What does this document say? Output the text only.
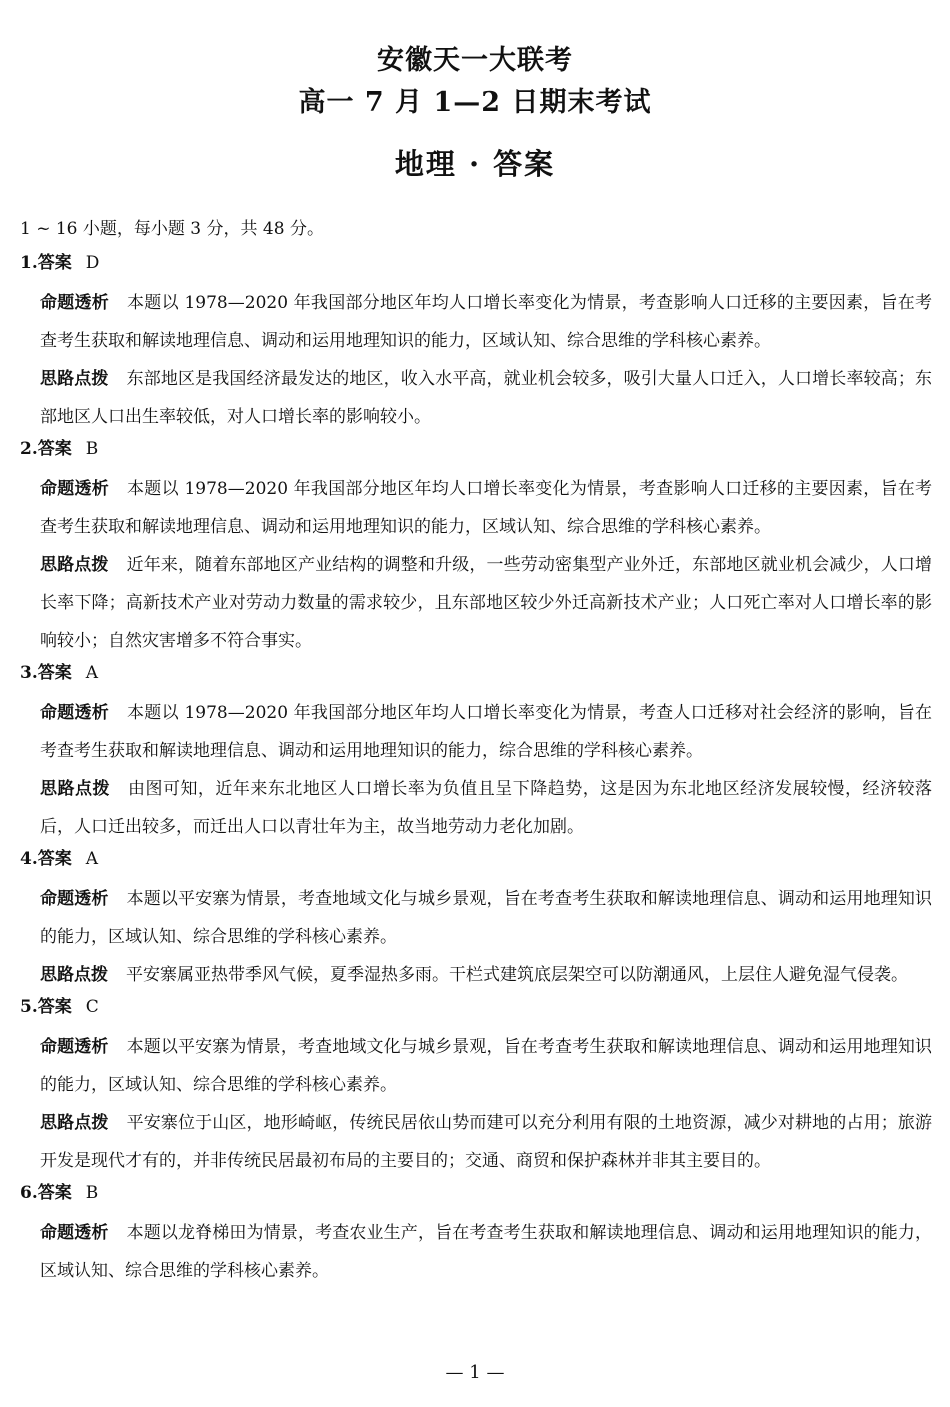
安徽天一大联考
高一 7 月 1—2 日期末考试
地理 · 答案
1 ~ 16 小题，每小题 3 分，共 48 分。
1.答案 D

命题透析 本题以 1978—2020 年我国部分地区年均人口增长率变化为情景，考查影响人口迁移的主要因素，旨在考查考生获取和解读地理信息、调动和运用地理知识的能力，区域认知、综合思维的学科核心素养。

思路点拨 东部地区是我国经济最发达的地区，收入水平高，就业机会较多，吸引大量人口迁入，人口增长率较高；东部地区人口出生率较低，对人口增长率的影响较小。

2.答案 B

命题透析 本题以 1978—2020 年我国部分地区年均人口增长率变化为情景，考查影响人口迁移的主要因素，旨在考查考生获取和解读地理信息、调动和运用地理知识的能力，区域认知、综合思维的学科核心素养。

思路点拨 近年来，随着东部地区产业结构的调整和升级，一些劳动密集型产业外迁，东部地区就业机会减少，人口增长率下降；高新技术产业对劳动力数量的需求较少，且东部地区较少外迁高新技术产业；人口死亡率对人口增长率的影响较小；自然灾害增多不符合事实。

3.答案 A

命题透析 本题以 1978—2020 年我国部分地区年均人口增长率变化为情景，考查人口迁移对社会经济的影响，旨在考查考生获取和解读地理信息、调动和运用地理知识的能力，综合思维的学科核心素养。

思路点拨 由图可知，近年来东北地区人口增长率为负值且呈下降趋势，这是因为东北地区经济发展较慢，经济较落后，人口迁出较多，而迁出人口以青壮年为主，故当地劳动力老化加剧。

4.答案 A

命题透析 本题以平安寨为情景，考查地域文化与城乡景观，旨在考查考生获取和解读地理信息、调动和运用地理知识的能力，区域认知、综合思维的学科核心素养。

思路点拨 平安寨属亚热带季风气候，夏季湿热多雨。干栏式建筑底层架空可以防潮通风，上层住人避免湿气侵袭。

5.答案 C

命题透析 本题以平安寨为情景，考查地域文化与城乡景观，旨在考查考生获取和解读地理信息、调动和运用地理知识的能力，区域认知、综合思维的学科核心素养。

思路点拨 平安寨位于山区，地形崎岖，传统民居依山势而建可以充分利用有限的土地资源，减少对耕地的占用；旅游开发是现代才有的，并非传统民居最初布局的主要目的；交通、商贸和保护森林并非其主要目的。

6.答案 B

命题透析 本题以龙脊梯田为情景，考查农业生产，旨在考查考生获取和解读地理信息、调动和运用地理知识的能力，区域认知、综合思维的学科核心素养。

— 1 —
